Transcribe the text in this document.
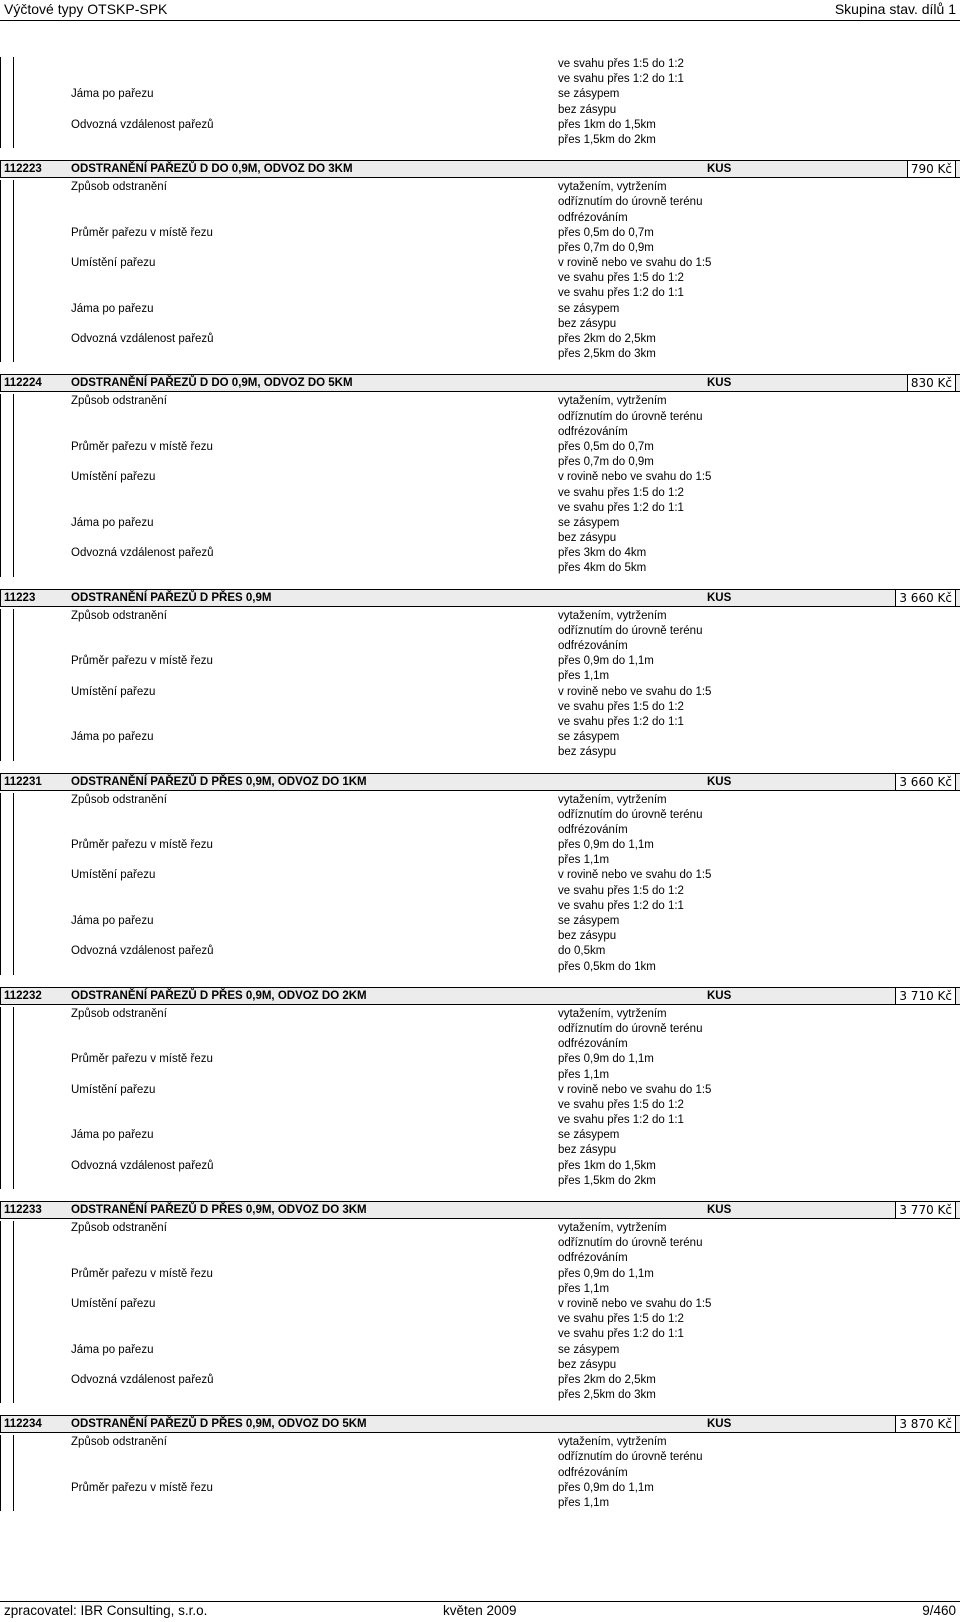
Výčtové typy OTSKP-SPK	Skupina stav. dílů 1
ve svahu přes 1:5 do 1:2
ve svahu přes 1:2 do 1:1
Jáma po pařezu	se zásypem
bez zásypu
Odvozná vzdálenost pařezů	přes 1km do 1,5km
přes 1,5km do 2km
112223	ODSTRANĚNÍ PAŘEZŮ D DO 0,9M, ODVOZ DO 3KM	KUS	790 Kč
Způsob odstranění	vytažením, vytržením
odříznutím do úrovně terénu
odfrézováním
Průměr pařezu v místě řezu	přes 0,5m do 0,7m
přes 0,7m do 0,9m
Umístění pařezu	v rovině nebo ve svahu do 1:5
ve svahu přes 1:5 do 1:2
ve svahu přes 1:2 do 1:1
Jáma po pařezu	se zásypem
bez zásypu
Odvozná vzdálenost pařezů	přes 2km do 2,5km
přes 2,5km do 3km
112224	ODSTRANĚNÍ PAŘEZŮ D DO 0,9M, ODVOZ DO 5KM	KUS	830 Kč
Způsob odstranění	vytažením, vytržením
odříznutím do úrovně terénu
odfrézováním
Průměr pařezu v místě řezu	přes 0,5m do 0,7m
přes 0,7m do 0,9m
Umístění pařezu	v rovině nebo ve svahu do 1:5
ve svahu přes 1:5 do 1:2
ve svahu přes 1:2 do 1:1
Jáma po pařezu	se zásypem
bez zásypu
Odvozná vzdálenost pařezů	přes 3km do 4km
přes 4km do 5km
11223	ODSTRANĚNÍ PAŘEZŮ D PŘES 0,9M	KUS	3 660 Kč
Způsob odstranění	vytažením, vytržením
odříznutím do úrovně terénu
odfrézováním
Průměr pařezu v místě řezu	přes 0,9m do 1,1m
přes 1,1m
Umístění pařezu	v rovině nebo ve svahu do 1:5
ve svahu přes 1:5 do 1:2
ve svahu přes 1:2 do 1:1
Jáma po pařezu	se zásypem
bez zásypu
112231	ODSTRANĚNÍ PAŘEZŮ D PŘES 0,9M, ODVOZ DO 1KM	KUS	3 660 Kč
Způsob odstranění	vytažením, vytržením
odříznutím do úrovně terénu
odfrézováním
Průměr pařezu v místě řezu	přes 0,9m do 1,1m
přes 1,1m
Umístění pařezu	v rovině nebo ve svahu do 1:5
ve svahu přes 1:5 do 1:2
ve svahu přes 1:2 do 1:1
Jáma po pařezu	se zásypem
bez zásypu
Odvozná vzdálenost pařezů	do 0,5km
přes 0,5km do 1km
112232	ODSTRANĚNÍ PAŘEZŮ D PŘES 0,9M, ODVOZ DO 2KM	KUS	3 710 Kč
Způsob odstranění	vytažením, vytržením
odříznutím do úrovně terénu
odfrézováním
Průměr pařezu v místě řezu	přes 0,9m do 1,1m
přes 1,1m
Umístění pařezu	v rovině nebo ve svahu do 1:5
ve svahu přes 1:5 do 1:2
ve svahu přes 1:2 do 1:1
Jáma po pařezu	se zásypem
bez zásypu
Odvozná vzdálenost pařezů	přes 1km do 1,5km
přes 1,5km do 2km
112233	ODSTRANĚNÍ PAŘEZŮ D PŘES 0,9M, ODVOZ DO 3KM	KUS	3 770 Kč
Způsob odstranění	vytažením, vytržením
odříznutím do úrovně terénu
odfrézováním
Průměr pařezu v místě řezu	přes 0,9m do 1,1m
přes 1,1m
Umístění pařezu	v rovině nebo ve svahu do 1:5
ve svahu přes 1:5 do 1:2
ve svahu přes 1:2 do 1:1
Jáma po pařezu	se zásypem
bez zásypu
Odvozná vzdálenost pařezů	přes 2km do 2,5km
přes 2,5km do 3km
112234	ODSTRANĚNÍ PAŘEZŮ D PŘES 0,9M, ODVOZ DO 5KM	KUS	3 870 Kč
Způsob odstranění	vytažením, vytržením
odříznutím do úrovně terénu
odfrézováním
Průměr pařezu v místě řezu	přes 0,9m do 1,1m
přes 1,1m
zpracovatel: IBR Consulting, s.r.o.	květen 2009	9/460
